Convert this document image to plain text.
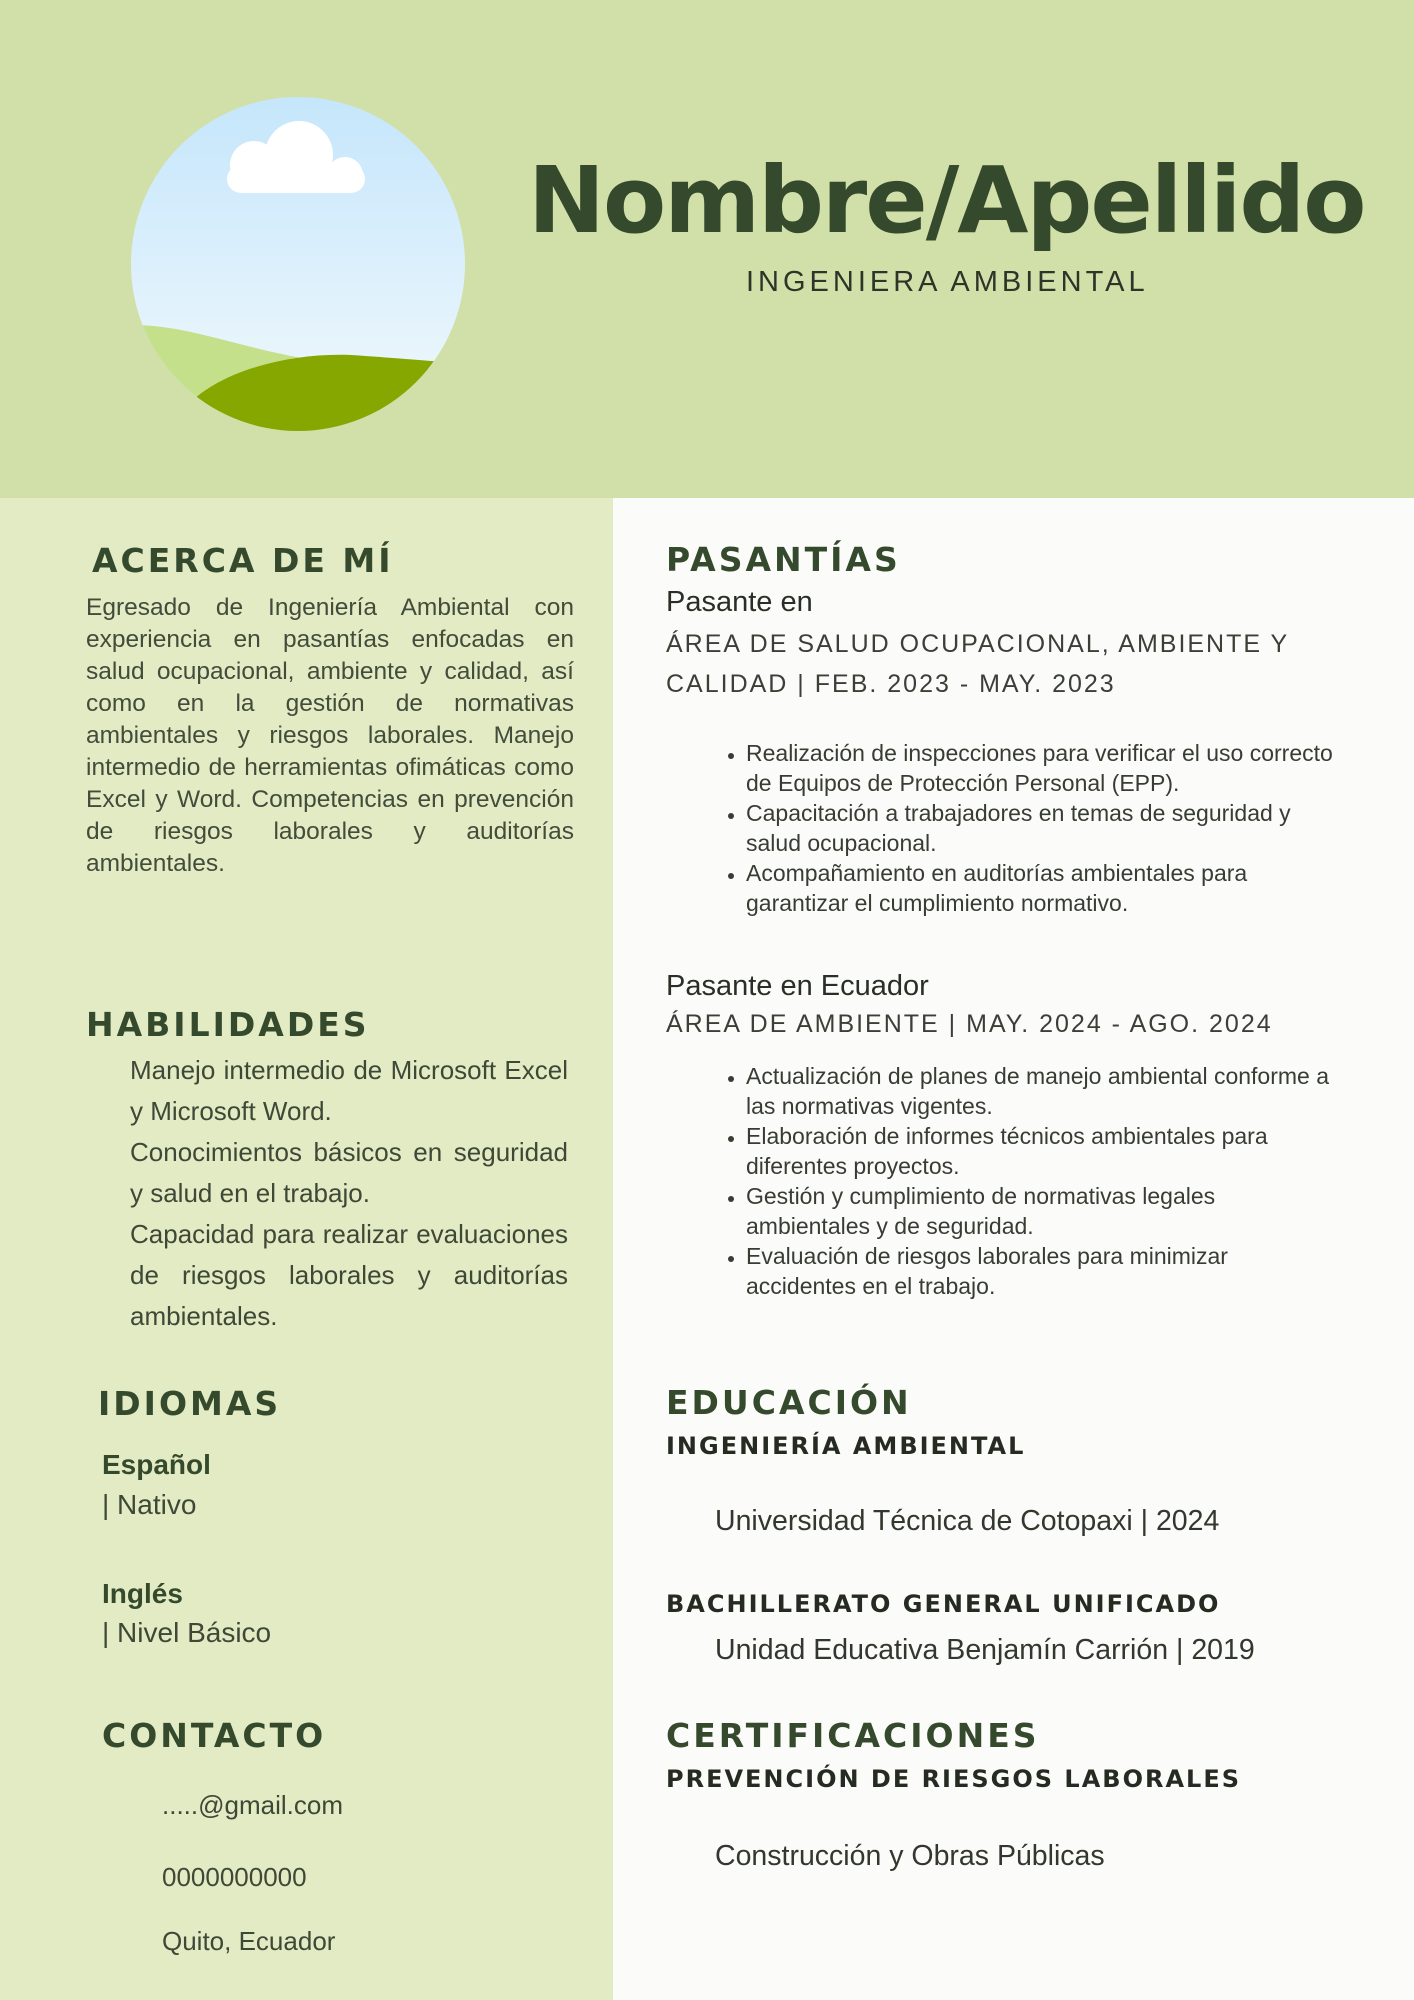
Nombre/Apellido
INGENIERA AMBIENTAL
ACERCA DE MÍ

Egresado de Ingeniería Ambiental con experiencia en pasantías enfocadas en salud ocupacional, ambiente y calidad, así como en la gestión de normativas ambientales y riesgos laborales. Manejo intermedio de herramientas ofimáticas como Excel y Word. Competencias en prevención de riesgos laborales y auditorías ambientales.

HABILIDADES
Manejo intermedio de Microsoft Excel y Microsoft Word.
Conocimientos básicos en seguridad y salud en el trabajo.
Capacidad para realizar evaluaciones de riesgos laborales y auditorías ambientales.
IDIOMAS
Español
| Nativo
Inglés
| Nivel Básico
CONTACTO
.....@gmail.com
0000000000
Quito, Ecuador
PASANTÍAS
Pasante en

ÁREA DE SALUD OCUPACIONAL, AMBIENTE Y CALIDAD | FEB. 2023 - MAY. 2023

• Realización de inspecciones para verificar el uso correcto de Equipos de Protección Personal (EPP).
• Capacitación a trabajadores en temas de seguridad y salud ocupacional.
• Acompañamiento en auditorías ambientales para garantizar el cumplimiento normativo.
Pasante en Ecuador

ÁREA DE AMBIENTE | MAY. 2024 - AGO. 2024

• Actualización de planes de manejo ambiental conforme a las normativas vigentes.
• Elaboración de informes técnicos ambientales para diferentes proyectos.
• Gestión y cumplimiento de normativas legales ambientales y de seguridad.
• Evaluación de riesgos laborales para minimizar accidentes en el trabajo.
EDUCACIÓN
INGENIERÍA AMBIENTAL
Universidad Técnica de Cotopaxi | 2024
BACHILLERATO GENERAL UNIFICADO
Unidad Educativa Benjamín Carrión | 2019
CERTIFICACIONES
PREVENCIÓN DE RIESGOS LABORALES
Construcción y Obras Públicas
